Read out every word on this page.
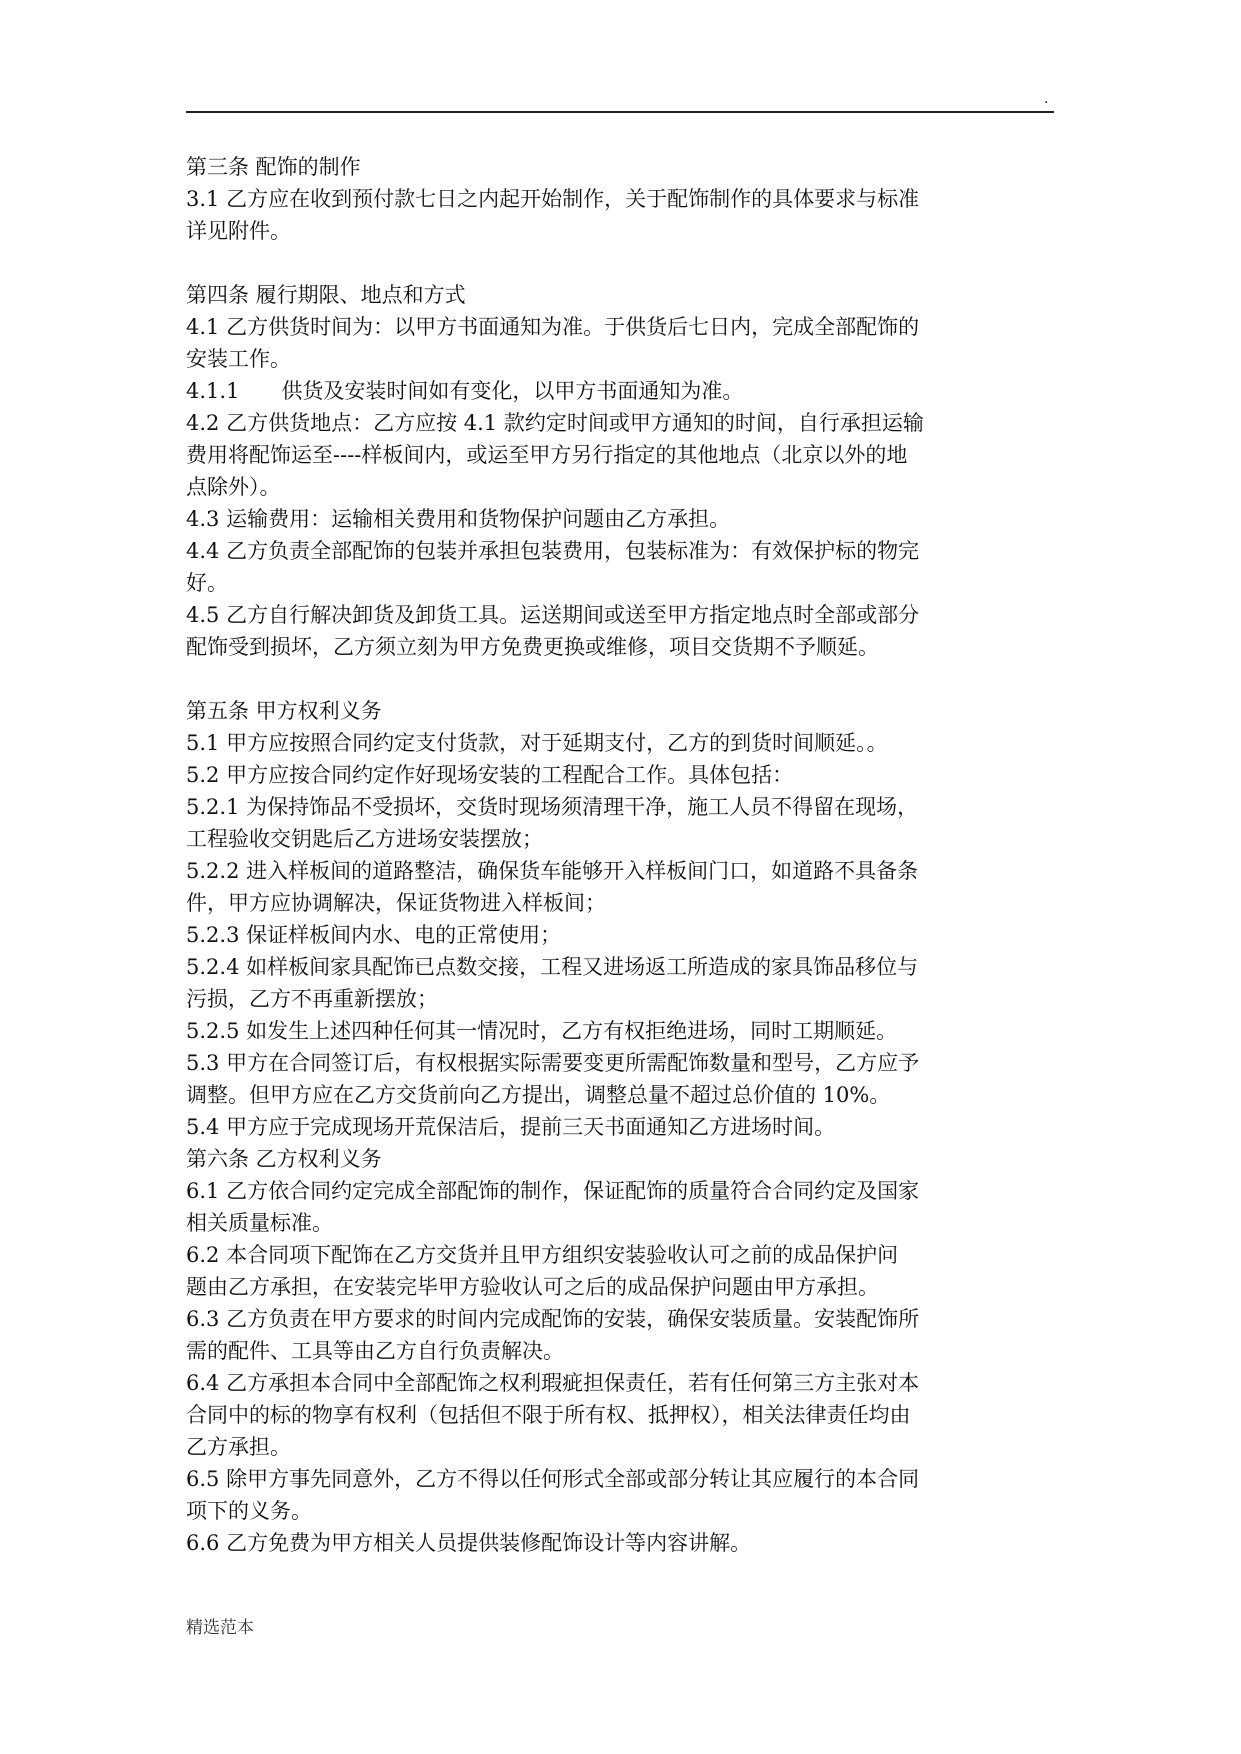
.

第三条 配饰的制作

3.1 乙方应在收到预付款七日之内起开始制作，关于配饰制作的具体要求与标准

详见附件。

第四条 履行期限、地点和方式

4.1 乙方供货时间为：以甲方书面通知为准。于供货后七日内，完成全部配饰的

安装工作。

4.1.1 供货及安装时间如有变化，以甲方书面通知为准。

4.2 乙方供货地点：乙方应按 4.1 款约定时间或甲方通知的时间，自行承担运输

费用将配饰运至----样板间内，或运至甲方另行指定的其他地点（北京以外的地

点除外）。

4.3 运输费用：运输相关费用和货物保护问题由乙方承担。

4.4 乙方负责全部配饰的包装并承担包装费用，包装标准为：有效保护标的物完

好。

4.5 乙方自行解决卸货及卸货工具。运送期间或送至甲方指定地点时全部或部分

配饰受到损坏，乙方须立刻为甲方免费更换或维修，项目交货期不予顺延。

第五条 甲方权利义务

5.1 甲方应按照合同约定支付货款，对于延期支付，乙方的到货时间顺延。。

5.2 甲方应按合同约定作好现场安装的工程配合工作。具体包括：

5.2.1 为保持饰品不受损坏，交货时现场须清理干净，施工人员不得留在现场，

工程验收交钥匙后乙方进场安装摆放；

5.2.2 进入样板间的道路整洁，确保货车能够开入样板间门口，如道路不具备条

件，甲方应协调解决，保证货物进入样板间；

5.2.3 保证样板间内水、电的正常使用；

5.2.4 如样板间家具配饰已点数交接，工程又进场返工所造成的家具饰品移位与

污损，乙方不再重新摆放；

5.2.5 如发生上述四种任何其一情况时，乙方有权拒绝进场，同时工期顺延。

5.3 甲方在合同签订后，有权根据实际需要变更所需配饰数量和型号，乙方应予

调整。但甲方应在乙方交货前向乙方提出，调整总量不超过总价值的 10%。

5.4 甲方应于完成现场开荒保洁后，提前三天书面通知乙方进场时间。

第六条 乙方权利义务

6.1 乙方依合同约定完成全部配饰的制作，保证配饰的质量符合合同约定及国家

相关质量标准。

6.2 本合同项下配饰在乙方交货并且甲方组织安装验收认可之前的成品保护问

题由乙方承担，在安装完毕甲方验收认可之后的成品保护问题由甲方承担。

6.3 乙方负责在甲方要求的时间内完成配饰的安装，确保安装质量。安装配饰所

需的配件、工具等由乙方自行负责解决。

6.4 乙方承担本合同中全部配饰之权利瑕疵担保责任，若有任何第三方主张对本

合同中的标的物享有权利（包括但不限于所有权、抵押权），相关法律责任均由

乙方承担。

6.5 除甲方事先同意外，乙方不得以任何形式全部或部分转让其应履行的本合同

项下的义务。

6.6 乙方免费为甲方相关人员提供装修配饰设计等内容讲解。

精选范本
